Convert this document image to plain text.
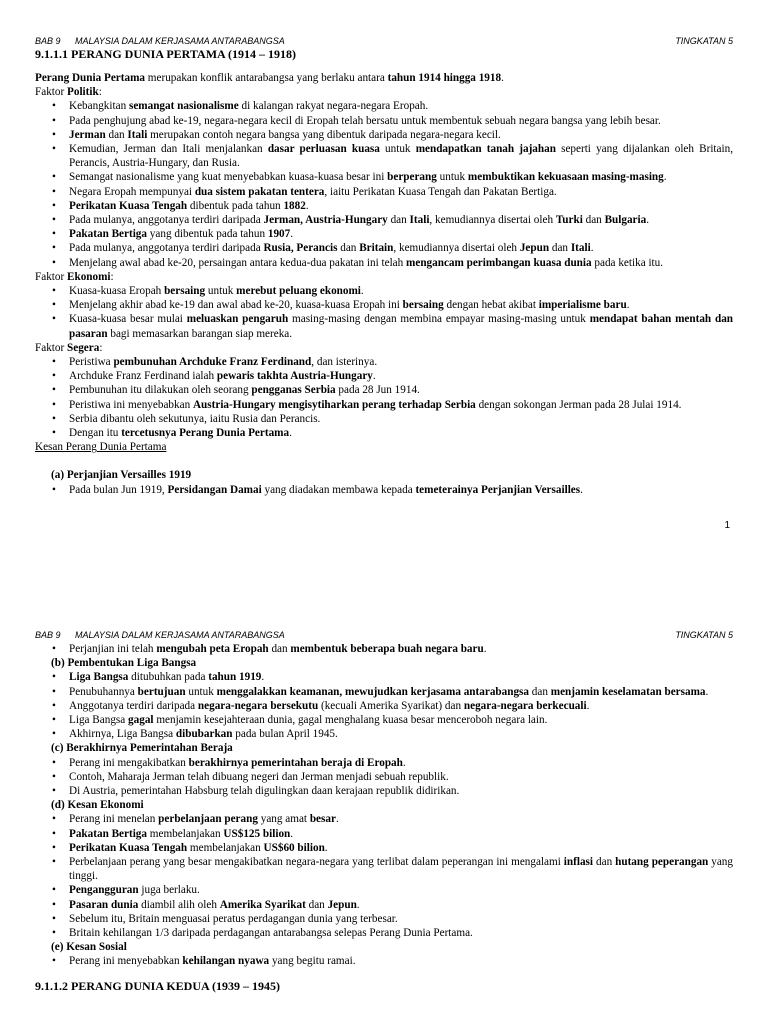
BAB 9 MALAYSIA DALAM KERJASAMA ANTARABANGSA	TINGKATAN 5
9.1.1.1 PERANG DUNIA PERTAMA (1914 – 1918)
Perang Dunia Pertama merupakan konflik antarabangsa yang berlaku antara tahun 1914 hingga 1918.
Faktor Politik:
• Kebangkitan semangat nasionalisme di kalangan rakyat negara-negara Eropah.
• Pada penghujung abad ke-19, negara-negara kecil di Eropah telah bersatu untuk membentuk sebuah negara bangsa yang lebih besar.
• Jerman dan Itali merupakan contoh negara bangsa yang dibentuk daripada negara-negara kecil.
• Kemudian, Jerman dan Itali menjalankan dasar perluasan kuasa untuk mendapatkan tanah jajahan seperti yang dijalankan oleh Britain, Perancis, Austria-Hungary, dan Rusia.
• Semangat nasionalisme yang kuat menyebabkan kuasa-kuasa besar ini berperang untuk membuktikan kekuasaan masing-masing.
• Negara Eropah mempunyai dua sistem pakatan tentera, iaitu Perikatan Kuasa Tengah dan Pakatan Bertiga.
• Perikatan Kuasa Tengah dibentuk pada tahun 1882.
• Pada mulanya, anggotanya terdiri daripada Jerman, Austria-Hungary dan Itali, kemudiannya disertai oleh Turki dan Bulgaria.
• Pakatan Bertiga yang dibentuk pada tahun 1907.
• Pada mulanya, anggotanya terdiri daripada Rusia, Perancis dan Britain, kemudiannya disertai oleh Jepun dan Itali.
• Menjelang awal abad ke-20, persaingan antara kedua-dua pakatan ini telah mengancam perimbangan kuasa dunia pada ketika itu.
Faktor Ekonomi:
• Kuasa-kuasa Eropah bersaing untuk merebut peluang ekonomi.
• Menjelang akhir abad ke-19 dan awal abad ke-20, kuasa-kuasa Eropah ini bersaing dengan hebat akibat imperialisme baru.
• Kuasa-kuasa besar mulai meluaskan pengaruh masing-masing dengan membina empayar masing-masing untuk mendapat bahan mentah dan pasaran bagi memasarkan barangan siap mereka.
Faktor Segera:
• Peristiwa pembunuhan Archduke Franz Ferdinand, dan isterinya.
• Archduke Franz Ferdinand ialah pewaris takhta Austria-Hungary.
• Pembunuhan itu dilakukan oleh seorang pengganas Serbia pada 28 Jun 1914.
• Peristiwa ini menyebabkan Austria-Hungary mengisytiharkan perang terhadap Serbia dengan sokongan Jerman pada 28 Julai 1914.
• Serbia dibantu oleh sekutunya, iaitu Rusia dan Perancis.
• Dengan itu tercetusnya Perang Dunia Pertama.
Kesan Perang Dunia Pertama
(a) Perjanjian Versailles 1919
• Pada bulan Jun 1919, Persidangan Damai yang diadakan membawa kepada temeterainya Perjanjian Versailles.
1
BAB 9 MALAYSIA DALAM KERJASAMA ANTARABANGSA	TINGKATAN 5
• Perjanjian ini telah mengubah peta Eropah dan membentuk beberapa buah negara baru.
(b) Pembentukan Liga Bangsa
• Liga Bangsa ditubuhkan pada tahun 1919.
• Penubuhannya bertujuan untuk menggalakkan keamanan, mewujudkan kerjasama antarabangsa dan menjamin keselamatan bersama.
• Anggotanya terdiri daripada negara-negara bersekutu (kecuali Amerika Syarikat) dan negara-negara berkecuali.
• Liga Bangsa gagal menjamin kesejahteraan dunia, gagal menghalang kuasa besar menceroboh negara lain.
• Akhirnya, Liga Bangsa dibubarkan pada bulan April 1945.
(c) Berakhirnya Pemerintahan Beraja
• Perang ini mengakibatkan berakhirnya pemerintahan beraja di Eropah.
• Contoh, Maharaja Jerman telah dibuang negeri dan Jerman menjadi sebuah republik.
• Di Austria, pemerintahan Habsburg telah digulingkan daan kerajaan republik didirikan.
(d) Kesan Ekonomi
• Perang ini menelan perbelanjaan perang yang amat besar.
• Pakatan Bertiga membelanjakan US$125 bilion.
• Perikatan Kuasa Tengah membelanjakan US$60 bilion.
• Perbelanjaan perang yang besar mengakibatkan negara-negara yang terlibat dalam peperangan ini mengalami inflasi dan hutang peperangan yang tinggi.
• Pengangguran juga berlaku.
• Pasaran dunia diambil alih oleh Amerika Syarikat dan Jepun.
• Sebelum itu, Britain menguasai peratus perdagangan dunia yang terbesar.
• Britain kehilangan 1/3 daripada perdagangan antarabangsa selepas Perang Dunia Pertama.
(e) Kesan Sosial
• Perang ini menyebabkan kehilangan nyawa yang begitu ramai.
9.1.1.2 PERANG DUNIA KEDUA (1939 – 1945)
